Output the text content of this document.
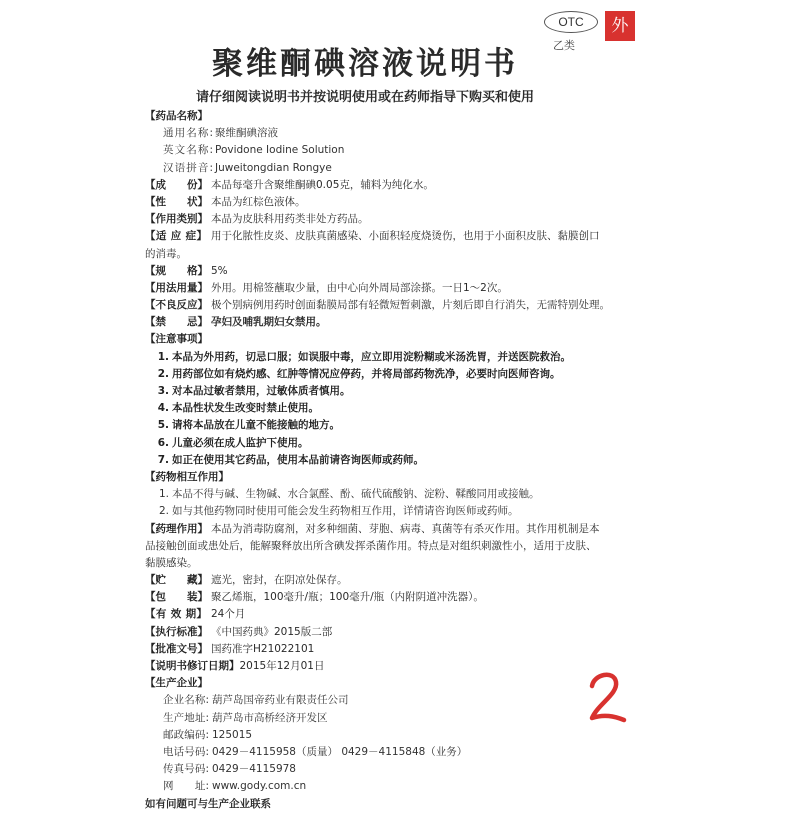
OTC
乙类
外
聚维酮碘溶液说明书
请仔细阅读说明书并按说明使用或在药师指导下购买和使用
【药品名称】
通用名称: 聚维酮碘溶液
英文名称: Povidone Iodine Solution
汉语拼音: Juweitongdian Rongye
【成　　份】 本品每毫升含聚维酮碘0.05克，辅料为纯化水。
【性　　状】 本品为红棕色液体。
【作用类别】 本品为皮肤科用药类非处方药品。
【适 应 症】 用于化脓性皮炎、皮肤真菌感染、小面积轻度烧烫伤，也用于小面积皮肤、黏膜创口
的消毒。
【规　　格】 5%
【用法用量】 外用。用棉签蘸取少量，由中心向外周局部涂搽。一日1～2次。
【不良反应】 极个别病例用药时创面黏膜局部有轻微短暂刺激，片刻后即自行消失，无需特别处理。
【禁　　忌】 孕妇及哺乳期妇女禁用。
【注意事项】
1. 本品为外用药，切忌口服；如误服中毒，应立即用淀粉糊或米汤洗胃，并送医院救治。
2. 用药部位如有烧灼感、红肿等情况应停药，并将局部药物洗净，必要时向医师咨询。
3. 对本品过敏者禁用，过敏体质者慎用。
4. 本品性状发生改变时禁止使用。
5. 请将本品放在儿童不能接触的地方。
6. 儿童必须在成人监护下使用。
7. 如正在使用其它药品，使用本品前请咨询医师或药师。
【药物相互作用】
1. 本品不得与碱、生物碱、水合氯醛、酚、硫代硫酸钠、淀粉、鞣酸同用或接触。
2. 如与其他药物同时使用可能会发生药物相互作用，详情请咨询医师或药师。
【药理作用】 本品为消毒防腐剂，对多种细菌、芽胞、病毒、真菌等有杀灭作用。其作用机制是本
品接触创面或患处后，能解聚释放出所含碘发挥杀菌作用。特点是对组织刺激性小，适用于皮肤、
黏膜感染。
【贮　　藏】 遮光，密封，在阴凉处保存。
【包　　装】 聚乙烯瓶，100毫升/瓶；100毫升/瓶（内附阴道冲洗器）。
【有 效 期】 24个月
【执行标准】 《中国药典》2015版二部
【批准文号】 国药准字H21022101
【说明书修订日期】2015年12月01日
【生产企业】
企业名称: 葫芦岛国帝药业有限责任公司
生产地址: 葫芦岛市高桥经济开发区
邮政编码: 125015
电话号码: 0429－4115958（质量） 0429－4115848（业务）
传真号码: 0429－4115978
网　　址: www.gody.com.cn
如有问题可与生产企业联系
